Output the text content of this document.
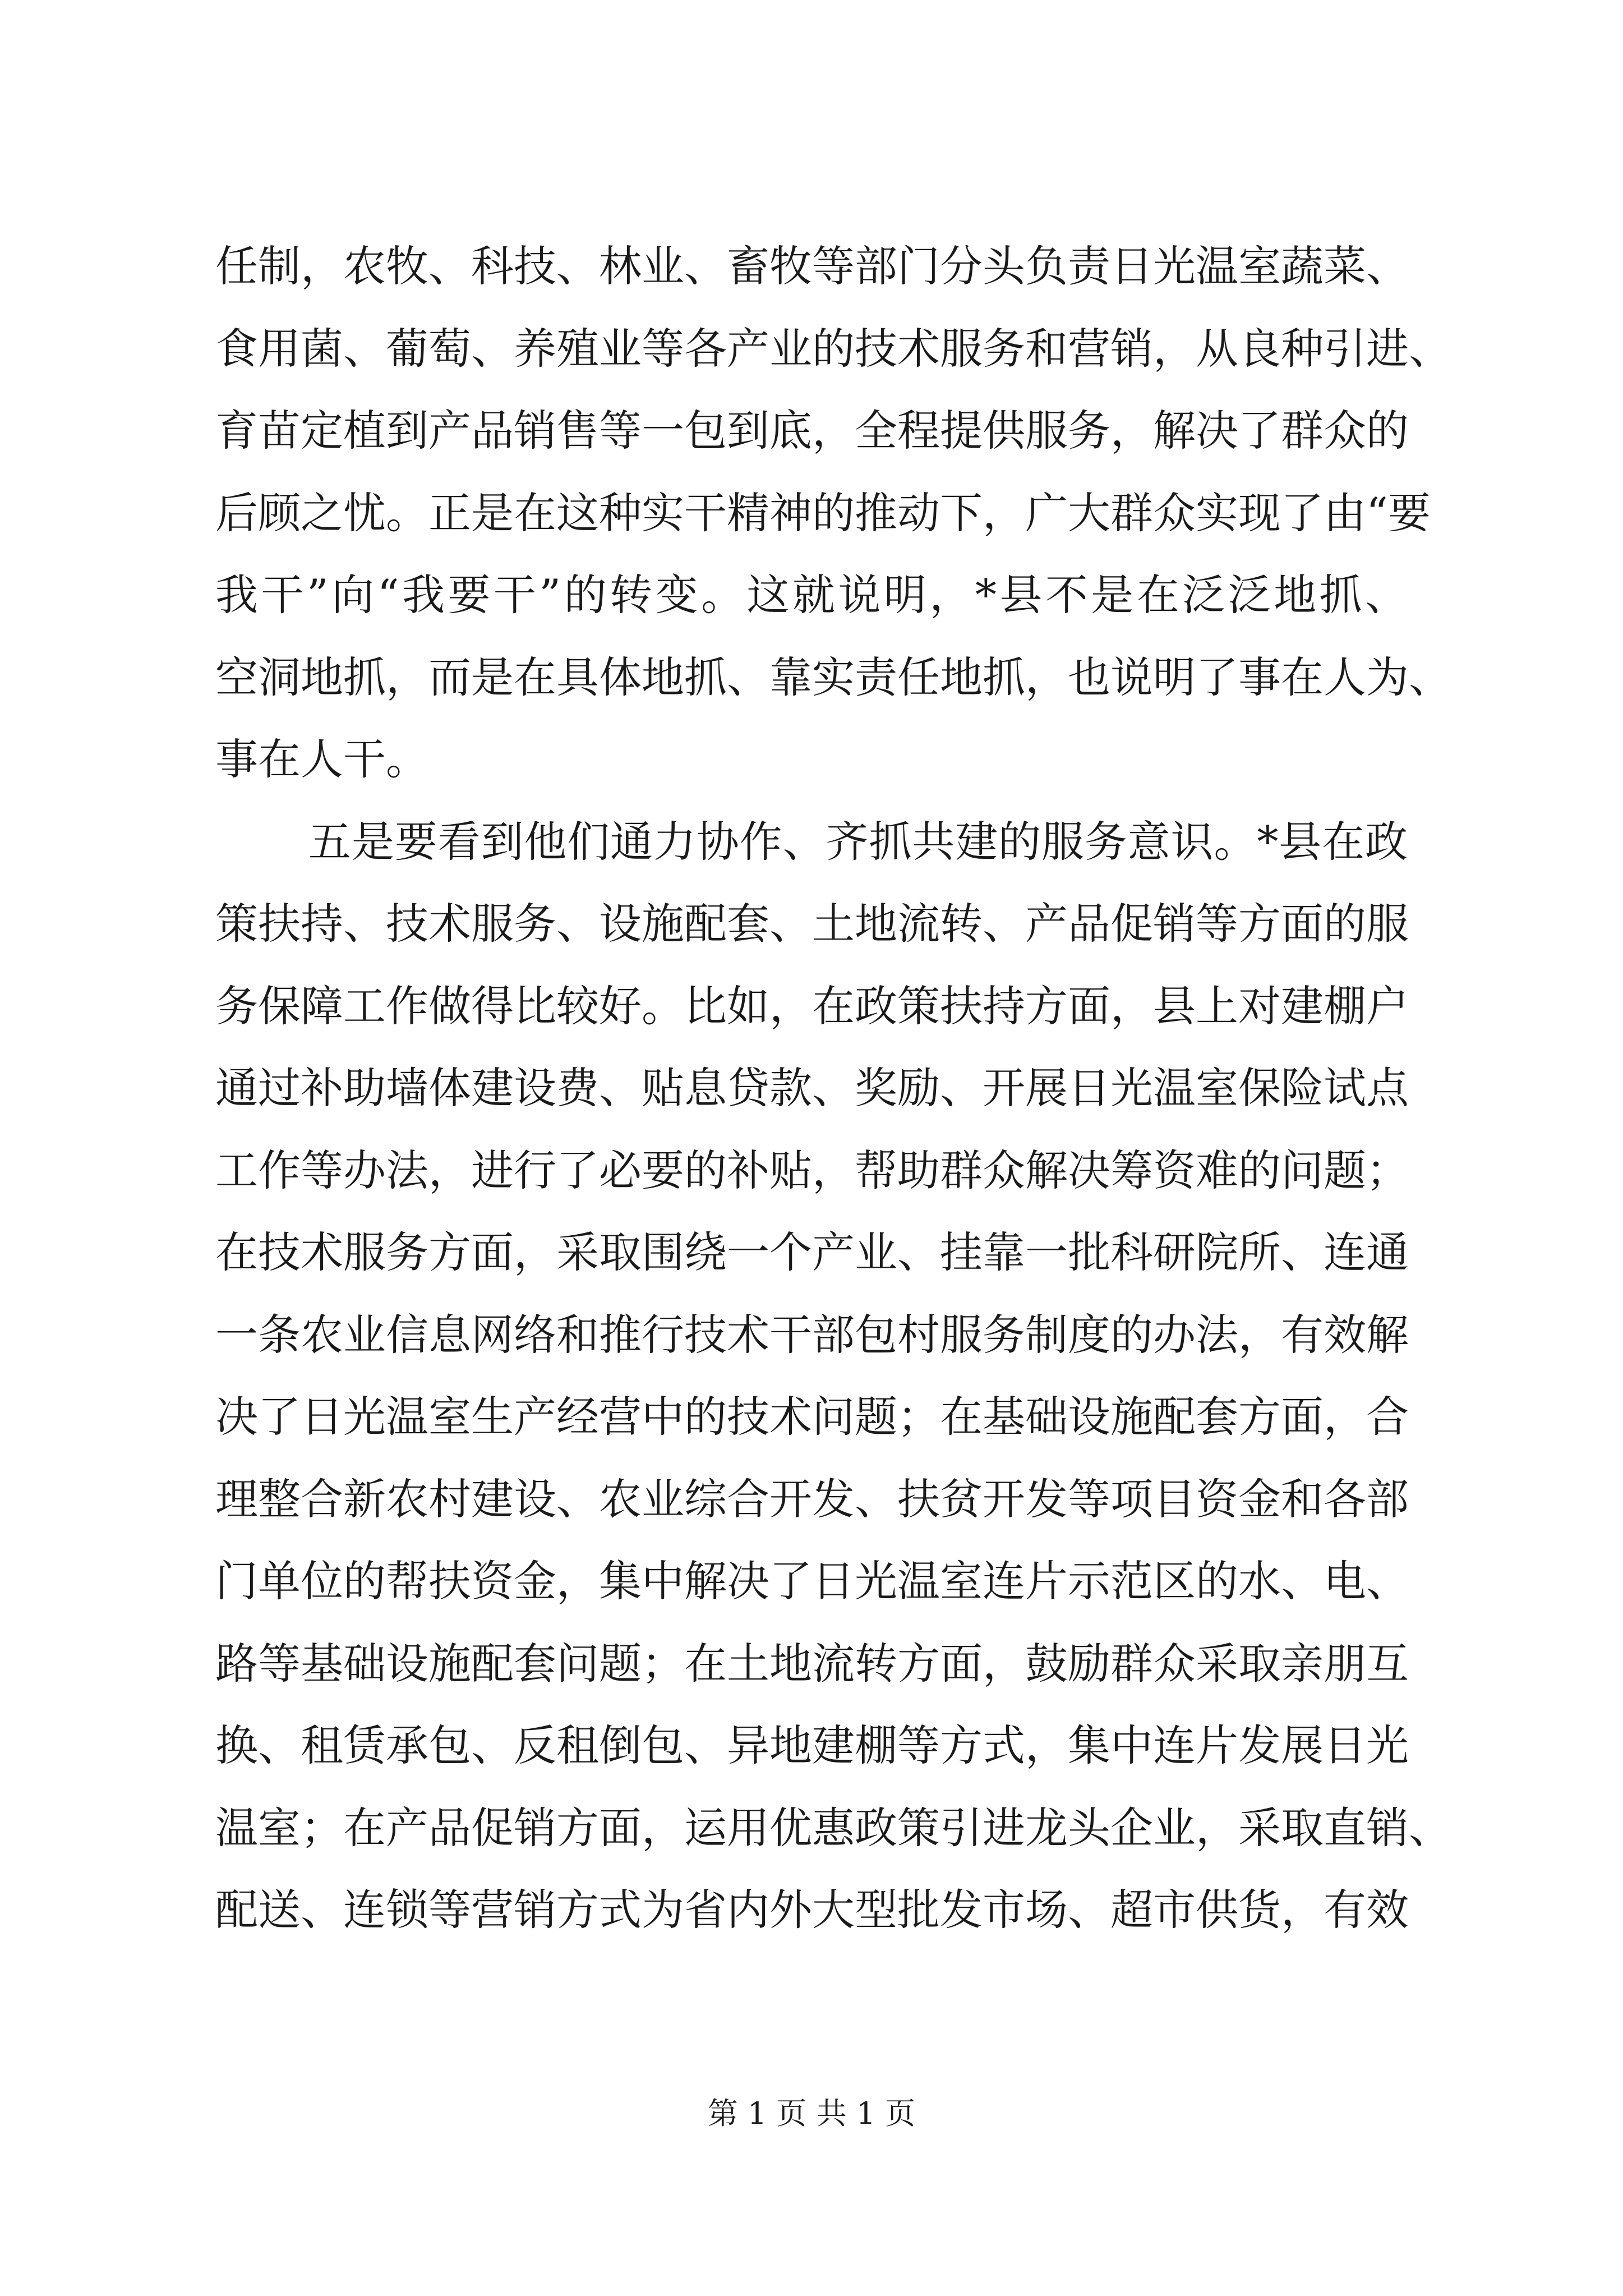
任制，农牧、科技、林业、畜牧等部门分头负责日光温室蔬菜、
食用菌、葡萄、养殖业等各产业的技术服务和营销，从良种引进、
育苗定植到产品销售等一包到底，全程提供服务，解决了群众的
后顾之忧。正是在这种实干精神的推动下，广大群众实现了由“要
我干”向“我要干”的转变。这就说明，*县不是在泛泛地抓、
空洞地抓，而是在具体地抓、靠实责任地抓，也说明了事在人为、
事在人干。
五是要看到他们通力协作、齐抓共建的服务意识。*县在政
策扶持、技术服务、设施配套、土地流转、产品促销等方面的服
务保障工作做得比较好。比如，在政策扶持方面，县上对建棚户
通过补助墙体建设费、贴息贷款、奖励、开展日光温室保险试点
工作等办法，进行了必要的补贴，帮助群众解决筹资难的问题；
在技术服务方面，采取围绕一个产业、挂靠一批科研院所、连通
一条农业信息网络和推行技术干部包村服务制度的办法，有效解
决了日光温室生产经营中的技术问题；在基础设施配套方面，合
理整合新农村建设、农业综合开发、扶贫开发等项目资金和各部
门单位的帮扶资金，集中解决了日光温室连片示范区的水、电、
路等基础设施配套问题；在土地流转方面，鼓励群众采取亲朋互
换、租赁承包、反租倒包、异地建棚等方式，集中连片发展日光
温室；在产品促销方面，运用优惠政策引进龙头企业，采取直销、
配送、连锁等营销方式为省内外大型批发市场、超市供货，有效
第 1 页 共 1 页
